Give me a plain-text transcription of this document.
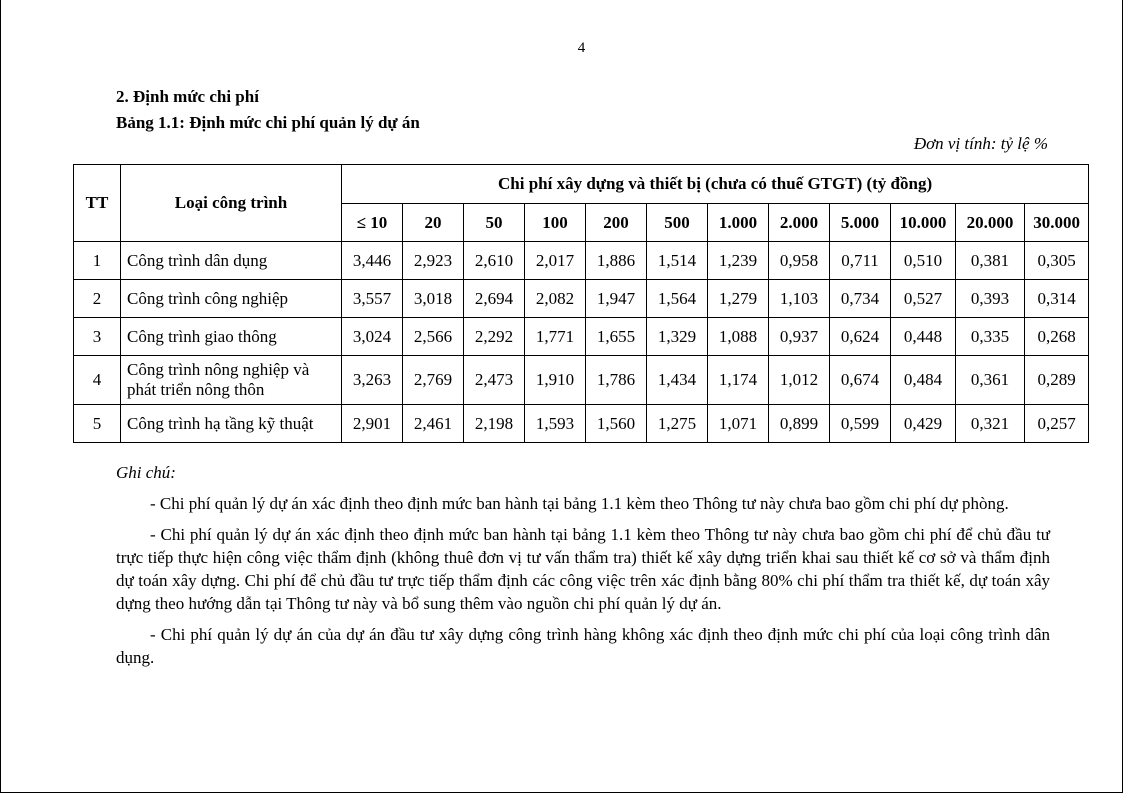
4
2. Định mức chi phí
Bảng 1.1: Định mức chi phí quản lý dự án
Đơn vị tính: tỷ lệ %
TT	Loại công trình	Chi phí xây dựng và thiết bị (chưa có thuế GTGT) (tỷ đồng)											
		≤ 10	20	50	100	200	500	1.000	2.000	5.000	10.000	20.000	30.000
1	Công trình dân dụng	3,446	2,923	2,610	2,017	1,886	1,514	1,239	0,958	0,711	0,510	0,381	0,305
2	Công trình công nghiệp	3,557	3,018	2,694	2,082	1,947	1,564	1,279	1,103	0,734	0,527	0,393	0,314
3	Công trình giao thông	3,024	2,566	2,292	1,771	1,655	1,329	1,088	0,937	0,624	0,448	0,335	0,268
4	Công trình nông nghiệp và phát triển nông thôn	3,263	2,769	2,473	1,910	1,786	1,434	1,174	1,012	0,674	0,484	0,361	0,289
5	Công trình hạ tầng kỹ thuật	2,901	2,461	2,198	1,593	1,560	1,275	1,071	0,899	0,599	0,429	0,321	0,257
Ghi chú:

- Chi phí quản lý dự án xác định theo định mức ban hành tại bảng 1.1 kèm theo Thông tư này chưa bao gồm chi phí dự phòng.

- Chi phí quản lý dự án xác định theo định mức ban hành tại bảng 1.1 kèm theo Thông tư này chưa bao gồm chi phí để chủ đầu tư trực tiếp thực hiện công việc thẩm định (không thuê đơn vị tư vấn thẩm tra) thiết kế xây dựng triển khai sau thiết kế cơ sở và thẩm định dự toán xây dựng. Chi phí để chủ đầu tư trực tiếp thẩm định các công việc trên xác định bằng 80% chi phí thẩm tra thiết kế, dự toán xây dựng theo hướng dẫn tại Thông tư này và bổ sung thêm vào nguồn chi phí quản lý dự án.

- Chi phí quản lý dự án của dự án đầu tư xây dựng công trình hàng không xác định theo định mức chi phí của loại công trình dân dụng.
